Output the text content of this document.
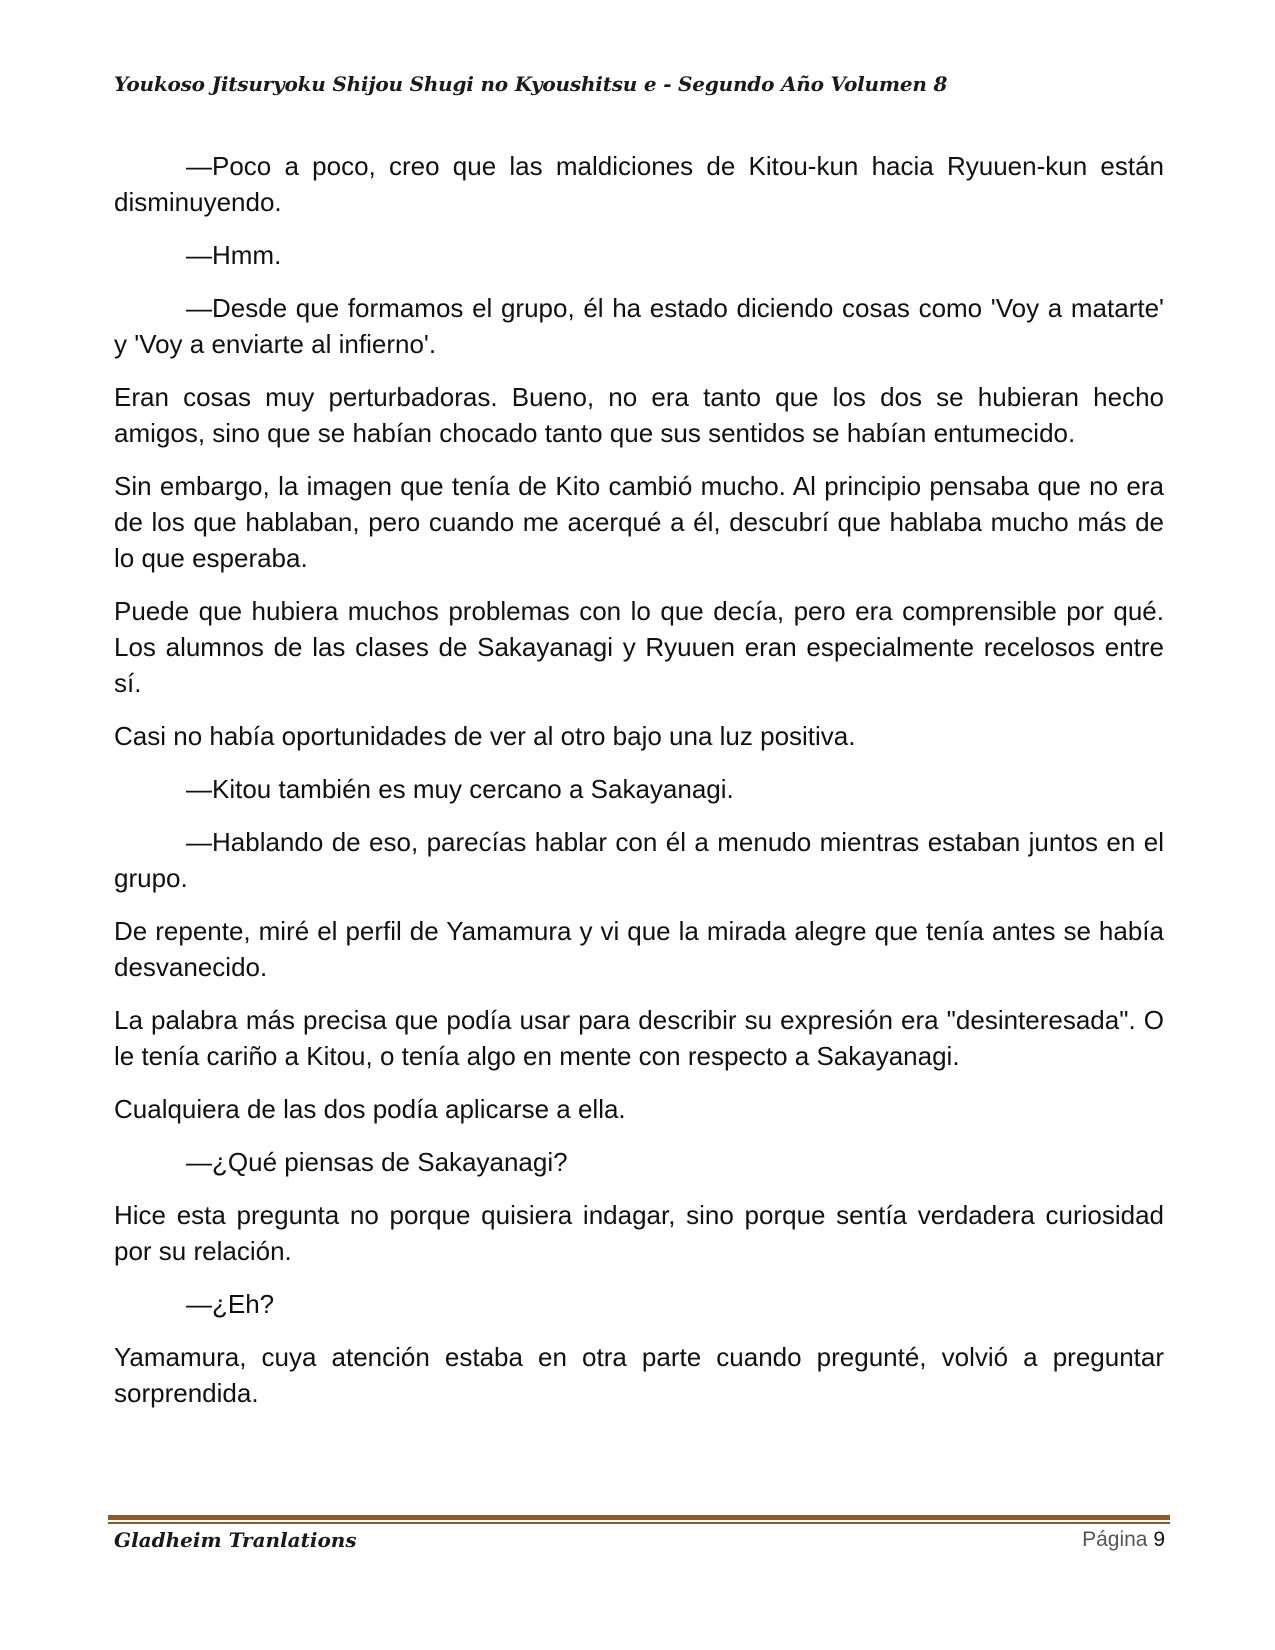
Youkoso Jitsuryoku Shijou Shugi no Kyoushitsu e - Segundo Año Volumen 8

—Poco a poco, creo que las maldiciones de Kitou-kun hacia Ryuuen-kun están disminuyendo.

—Hmm.

—Desde que formamos el grupo, él ha estado diciendo cosas como 'Voy a matarte' y 'Voy a enviarte al infierno'.

Eran cosas muy perturbadoras. Bueno, no era tanto que los dos se hubieran hecho amigos, sino que se habían chocado tanto que sus sentidos se habían entumecido.

Sin embargo, la imagen que tenía de Kito cambió mucho. Al principio pensaba que no era de los que hablaban, pero cuando me acerqué a él, descubrí que hablaba mucho más de lo que esperaba.

Puede que hubiera muchos problemas con lo que decía, pero era comprensible por qué. Los alumnos de las clases de Sakayanagi y Ryuuen eran especialmente recelosos entre sí.

Casi no había oportunidades de ver al otro bajo una luz positiva.

—Kitou también es muy cercano a Sakayanagi.

—Hablando de eso, parecías hablar con él a menudo mientras estaban juntos en el grupo.

De repente, miré el perfil de Yamamura y vi que la mirada alegre que tenía antes se había desvanecido.

La palabra más precisa que podía usar para describir su expresión era "desinteresada". O le tenía cariño a Kitou, o tenía algo en mente con respecto a Sakayanagi.

Cualquiera de las dos podía aplicarse a ella.

—¿Qué piensas de Sakayanagi?

Hice esta pregunta no porque quisiera indagar, sino porque sentía verdadera curiosidad por su relación.

—¿Eh?

Yamamura, cuya atención estaba en otra parte cuando pregunté, volvió a preguntar sorprendida.

Gladheim Tranlations	Página 9
